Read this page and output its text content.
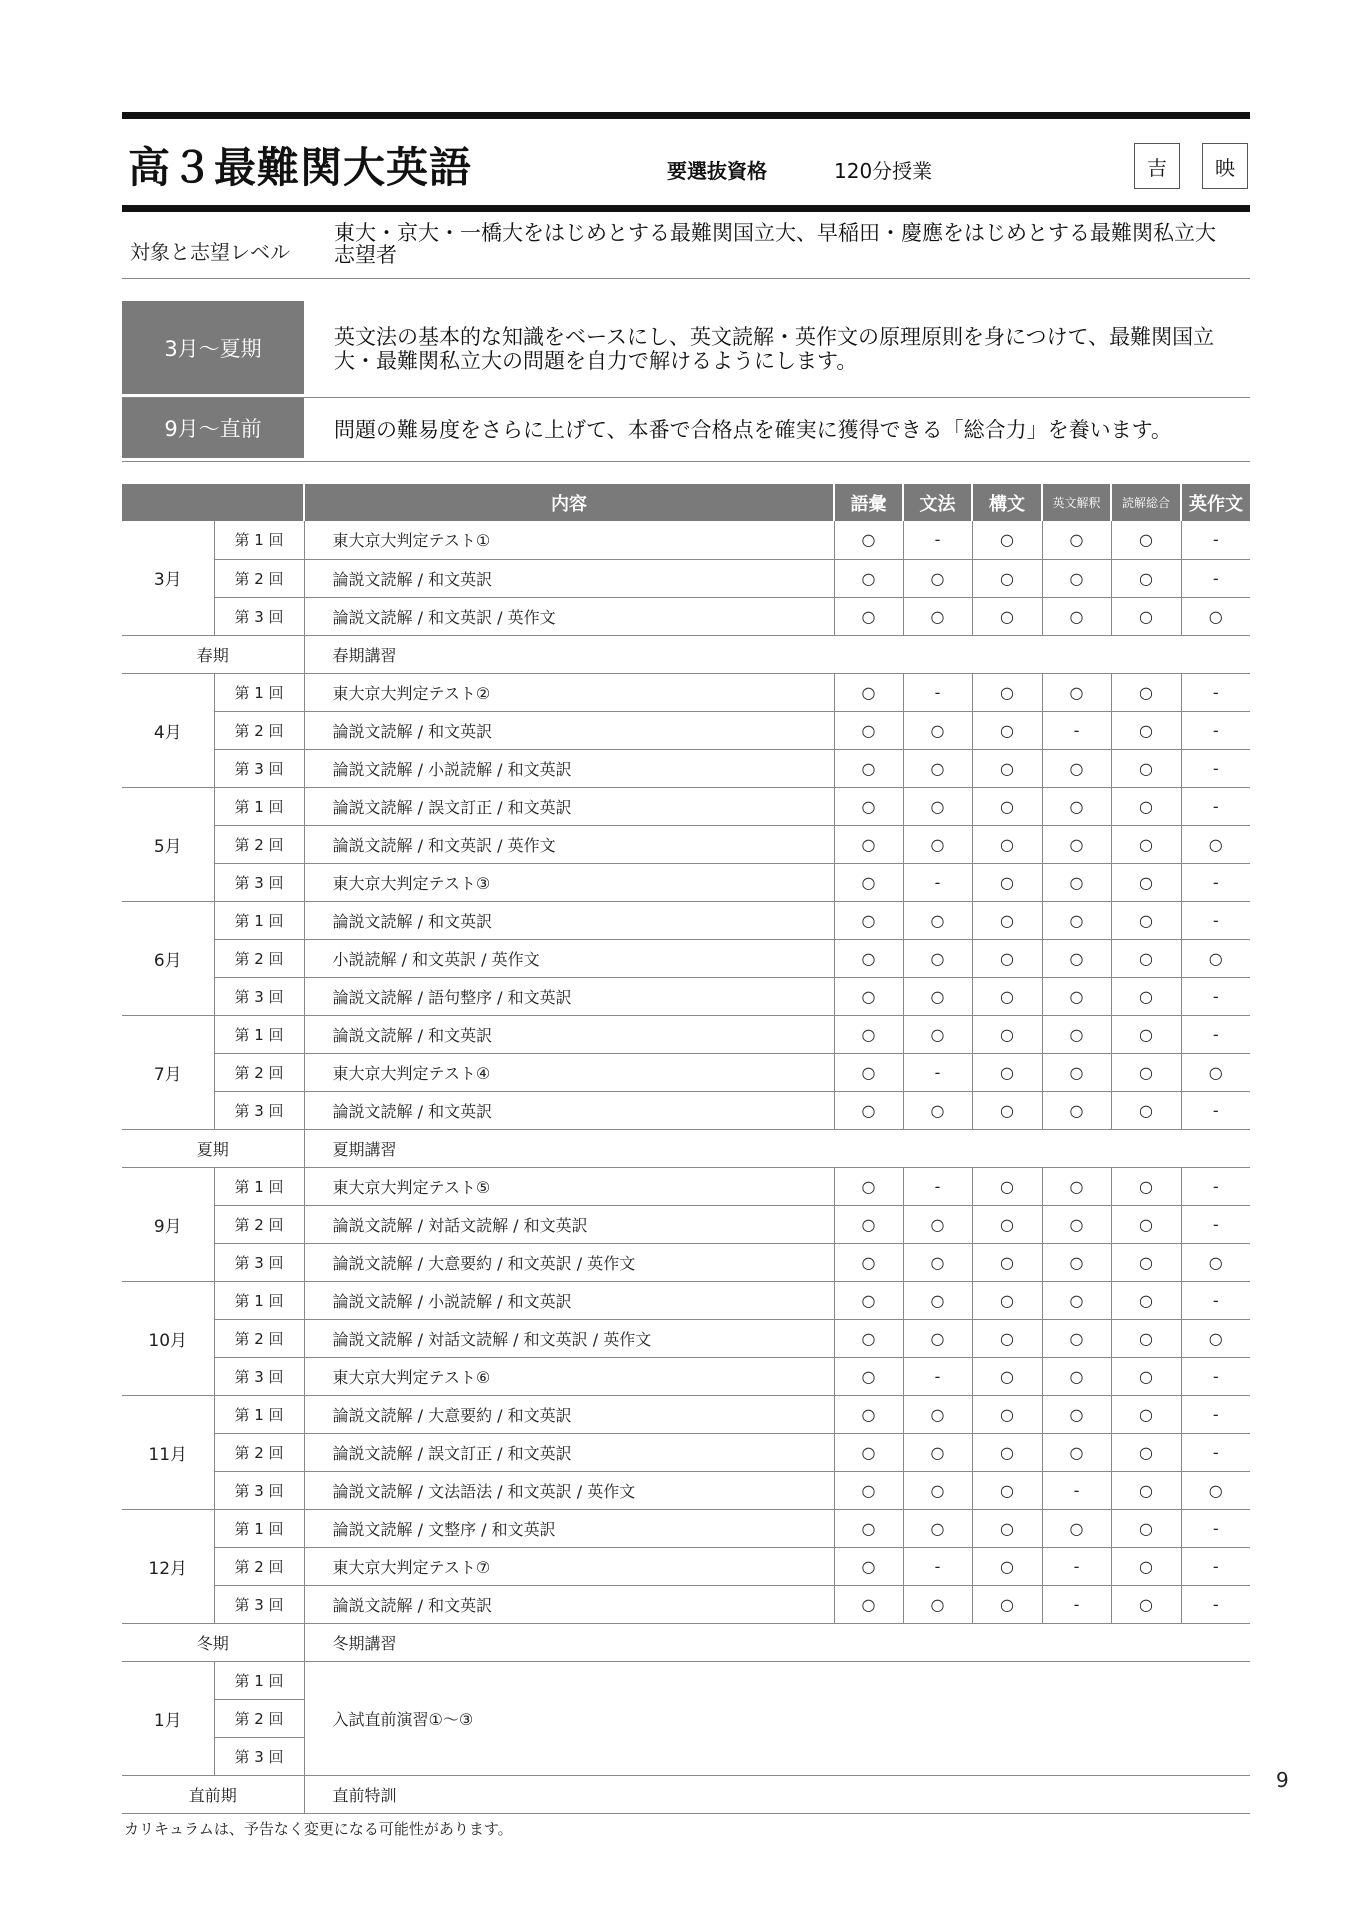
高３最難関大英語	要選抜資格	120分授業	吉	映
対象と志望レベル
東大・京大・一橋大をはじめとする最難関国立大、早稲田・慶應をはじめとする最難関私立大志望者
3月～夏期	英文法の基本的な知識をベースにし、英文読解・英作文の原理原則を身につけて、最難関国立大・最難関私立大の問題を自力で解けるようにします。
9月～直前	問題の難易度をさらに上げて、本番で合格点を確実に獲得できる「総合力」を養います。
		内容	語彙	文法	構文	英文解釈	読解総合	英作文
3月	第 1 回	東大京大判定テスト①	○	-	○	○	○	-
	第 2 回	論説文読解 / 和文英訳	○	○	○	○	○	-
	第 3 回	論説文読解 / 和文英訳 / 英作文	○	○	○	○	○	○
春期		春期講習						
4月	第 1 回	東大京大判定テスト②	○	-	○	○	○	-
	第 2 回	論説文読解 / 和文英訳	○	○	○	-	○	-
	第 3 回	論説文読解 / 小説読解 / 和文英訳	○	○	○	○	○	-
5月	第 1 回	論説文読解 / 誤文訂正 / 和文英訳	○	○	○	○	○	-
	第 2 回	論説文読解 / 和文英訳 / 英作文	○	○	○	○	○	○
	第 3 回	東大京大判定テスト③	○	-	○	○	○	-
6月	第 1 回	論説文読解 / 和文英訳	○	○	○	○	○	-
	第 2 回	小説読解 / 和文英訳 / 英作文	○	○	○	○	○	○
	第 3 回	論説文読解 / 語句整序 / 和文英訳	○	○	○	○	○	-
7月	第 1 回	論説文読解 / 和文英訳	○	○	○	○	○	-
	第 2 回	東大京大判定テスト④	○	-	○	○	○	○
	第 3 回	論説文読解 / 和文英訳	○	○	○	○	○	-
夏期		夏期講習						
9月	第 1 回	東大京大判定テスト⑤	○	-	○	○	○	-
	第 2 回	論説文読解 / 対話文読解 / 和文英訳	○	○	○	○	○	-
	第 3 回	論説文読解 / 大意要約 / 和文英訳 / 英作文	○	○	○	○	○	○
10月	第 1 回	論説文読解 / 小説読解 / 和文英訳	○	○	○	○	○	-
	第 2 回	論説文読解 / 対話文読解 / 和文英訳 / 英作文	○	○	○	○	○	○
	第 3 回	東大京大判定テスト⑥	○	-	○	○	○	-
11月	第 1 回	論説文読解 / 大意要約 / 和文英訳	○	○	○	○	○	-
	第 2 回	論説文読解 / 誤文訂正 / 和文英訳	○	○	○	○	○	-
	第 3 回	論説文読解 / 文法語法 / 和文英訳 / 英作文	○	○	○	-	○	○
12月	第 1 回	論説文読解 / 文整序 / 和文英訳	○	○	○	○	○	-
	第 2 回	東大京大判定テスト⑦	○	-	○	-	○	-
	第 3 回	論説文読解 / 和文英訳	○	○	○	-	○	-
冬期		冬期講習						
1月	第 1 回	入試直前演習①～③						
	第 2 回							
	第 3 回							
直前期		直前特訓						
カリキュラムは、予告なく変更になる可能性があります。
9
